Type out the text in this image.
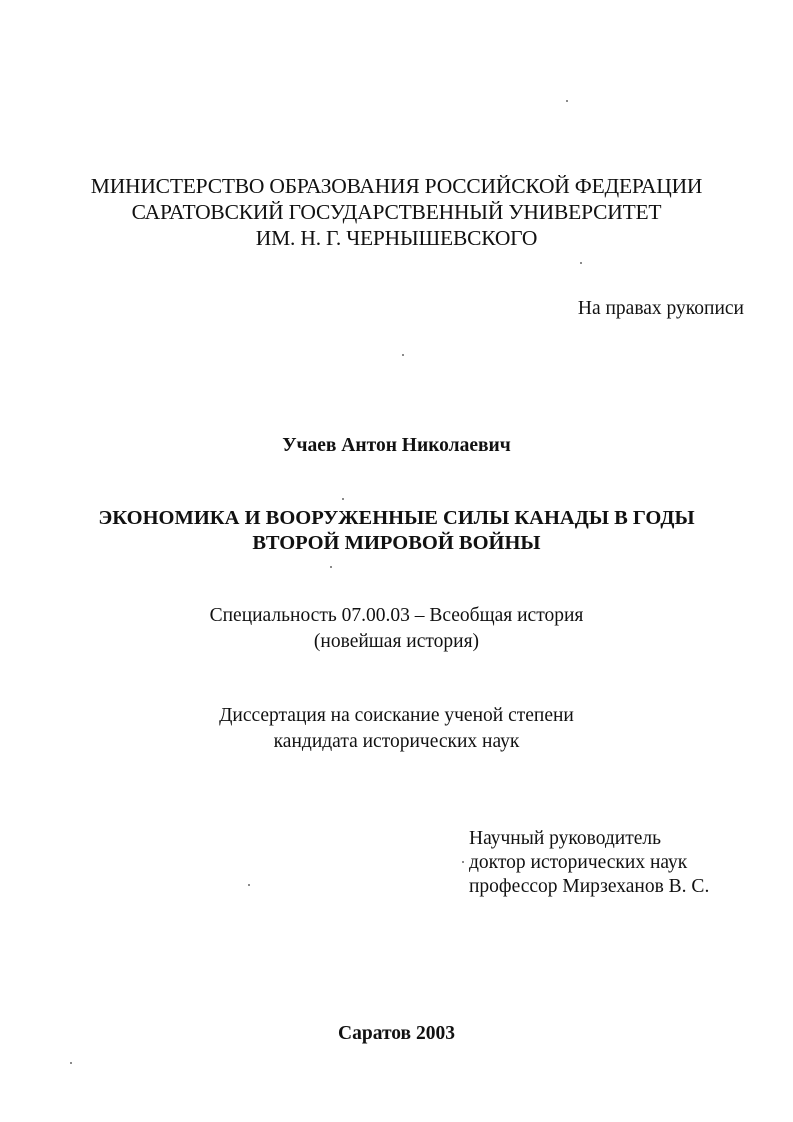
МИНИСТЕРСТВО ОБРАЗОВАНИЯ РОССИЙСКОЙ ФЕДЕРАЦИИ
САРАТОВСКИЙ ГОСУДАРСТВЕННЫЙ УНИВЕРСИТЕТ
ИМ. Н. Г. ЧЕРНЫШЕВСКОГО
На правах рукописи
Учаев Антон Николаевич
ЭКОНОМИКА И ВООРУЖЕННЫЕ СИЛЫ КАНАДЫ В ГОДЫ
ВТОРОЙ МИРОВОЙ ВОЙНЫ
Специальность 07.00.03 – Всеобщая история
(новейшая история)
Диссертация на соискание ученой степени
кандидата исторических наук
Научный руководитель
доктор исторических наук
профессор Мирзеханов В. С.
Саратов 2003
